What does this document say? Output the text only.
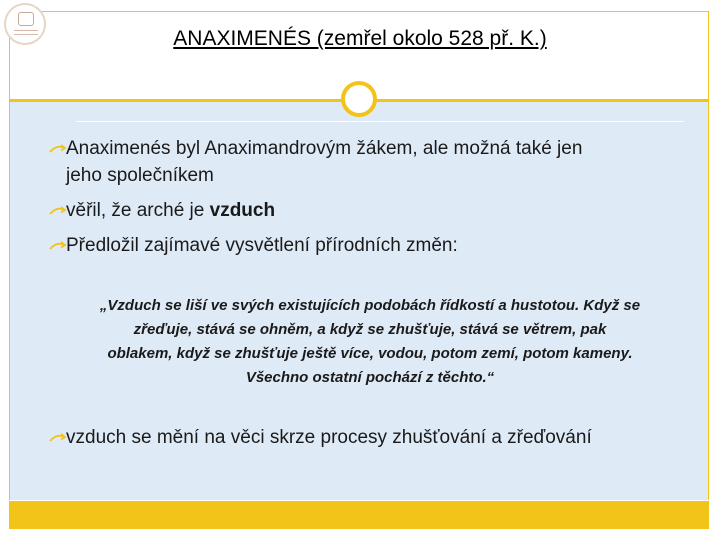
ANAXIMENÉS (zemřel okolo 528 př. K.)

Anaximenés byl Anaximandrovým žákem, ale možná také jen
jeho společníkem

věřil, že arché je vzduch

Předložil zajímavé vysvětlení přírodních změn:

„Vzduch se liší ve svých existujících podobách řídkostí a hustotou. Když se
zřeďuje, stává se ohněm, a když se zhušťuje, stává se větrem, pak
oblakem, když se zhušťuje ještě více, vodou, potom zemí, potom kameny.
Všechno ostatní pochází z těchto.“

vzduch se mění na věci skrze procesy zhušťování a zřeďování
